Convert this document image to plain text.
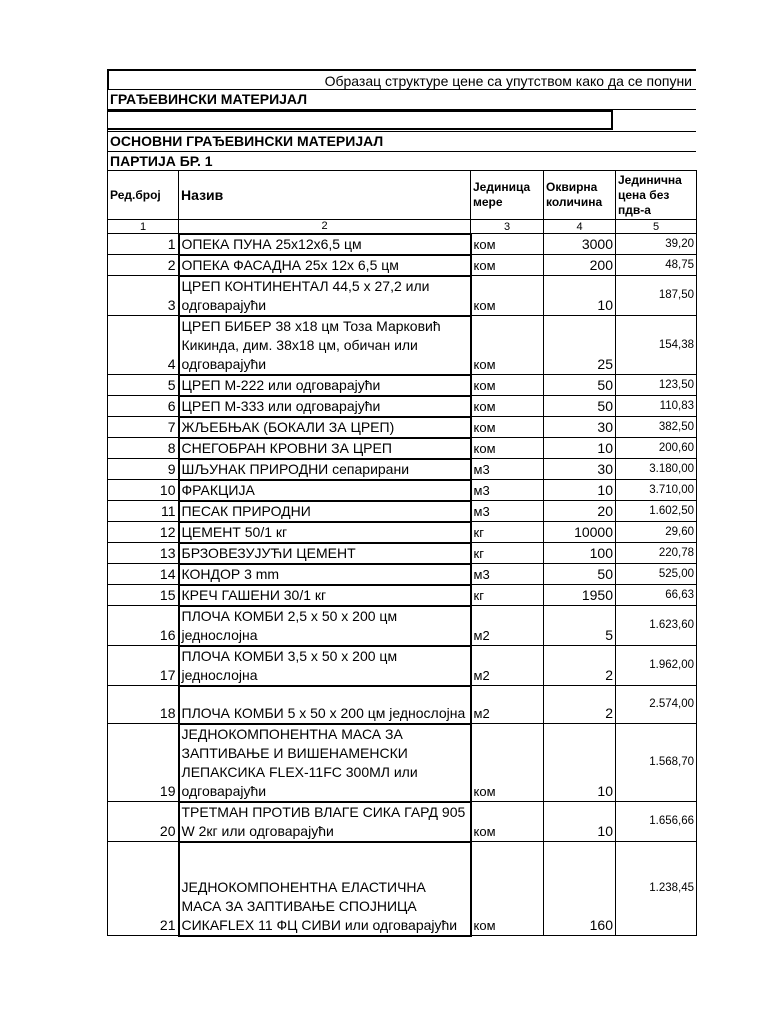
Образац структуре цене са упутством како да се попуни
ГРАЂЕВИНСКИ МАТЕРИЈАЛ
ОСНОВНИ ГРАЂЕВИНСКИ МАТЕРИЈАЛ
ПАРТИЈА БР. 1
Ред.број	Назив	Јединица мере	Оквирна количина	Јединична цена без пдв-а
1	2	3	4	5
1	ОПЕКА ПУНА 25x12x6,5 цм	ком	3000	39,20
2	ОПЕКА ФАСАДНА 25x 12x 6,5 цм	ком	200	48,75
3	ЦРЕП КОНТИНЕНТАЛ 44,5 x 27,2 или одговарајући	ком	10	187,50
4	ЦРЕП БИБЕР 38 x18 цм Тоза Марковић Кикинда, дим. 38x18 цм, обичан или одговарајући	ком	25	154,38
5	ЦРЕП М-222 или одговарајући	ком	50	123,50
6	ЦРЕП М-333 или одговарајући	ком	50	110,83
7	ЖЉЕБЊАК (БОКАЛИ ЗА ЦРЕП)	ком	30	382,50
8	СНЕГОБРАН КРОВНИ ЗА ЦРЕП	ком	10	200,60
9	ШЉУНАК ПРИРОДНИ сепарирани	м3	30	3.180,00
10	ФРАКЦИЈА	м3	10	3.710,00
11	ПЕСАК ПРИРОДНИ	м3	20	1.602,50
12	ЦЕМЕНТ 50/1 кг	кг	10000	29,60
13	БРЗОВЕЗУЈУЋИ ЦЕМЕНТ	кг	100	220,78
14	КОНДОР 3 mm	м3	50	525,00
15	КРЕЧ ГАШЕНИ 30/1 кг	кг	1950	66,63
16	ПЛОЧА КОМБИ 2,5 x 50 x 200 цм једнослојна	м2	5	1.623,60
17	ПЛОЧА КОМБИ 3,5 x 50 x 200 цм једнослојна	м2	2	1.962,00
18	ПЛОЧА КОМБИ 5 x 50 x 200 цм једнослојна	м2	2	2.574,00
19	ЈЕДНОКОМПОНЕНТНА МАСА ЗА ЗАПТИВАЊЕ И ВИШЕНАМЕНСКИ ЛЕПАКСИКА FLEX-11FC 300МЛ или одговарајући	ком	10	1.568,70
20	ТРЕТМАН ПРОТИВ ВЛАГЕ СИКА ГАРД 905 W 2кг или одговарајући	ком	10	1.656,66
21	ЈЕДНОКОМПОНЕНТНА ЕЛАСТИЧНА МАСА ЗА ЗАПТИВАЊЕ СПОЈНИЦА СИКАFLEX 11 ФЦ СИВИ или одговарајући	ком	160	1.238,45
